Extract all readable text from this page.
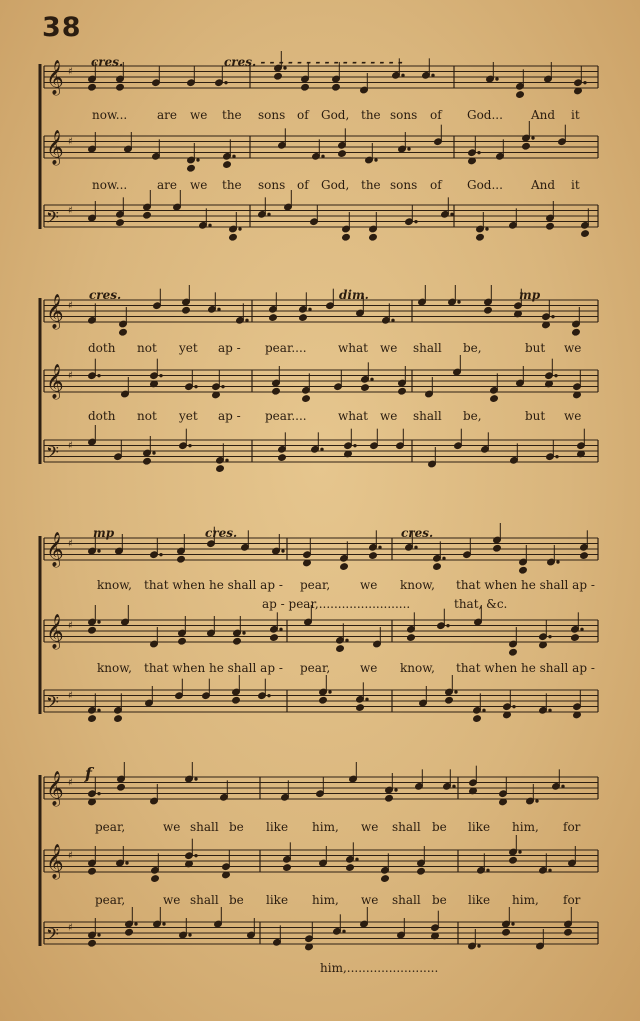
38
𝄞 ♯
𝄞 ♯
𝄢 ♯
𝄞 ♯
𝄞 ♯
𝄢 ♯
𝄞 ♯
𝄞 ♯
𝄢 ♯
𝄞 ♯
𝄞 ♯
𝄢 ♯
cres.	cres. - - - - - - - - - - - - - - - -
now... are we the sons of God, the sons of God... And it
now... are we the sons of God, the sons of God... And it
cres.	dim.	mp
doth not yet ap - pear....	what we shall be,	but we
doth not yet ap - pear....	what we shall be,	but we
mp	cres.	cres.
know, that when he shall ap - pear, we know, that when he shall ap -
ap - pear,........................	that, &c.
know, that when he shall ap - pear, we know, that when he shall ap -
f
pear,	we shall be like him, we shall be like him, for
pear,	we shall be like him, we shall be like him, for
him,........................
